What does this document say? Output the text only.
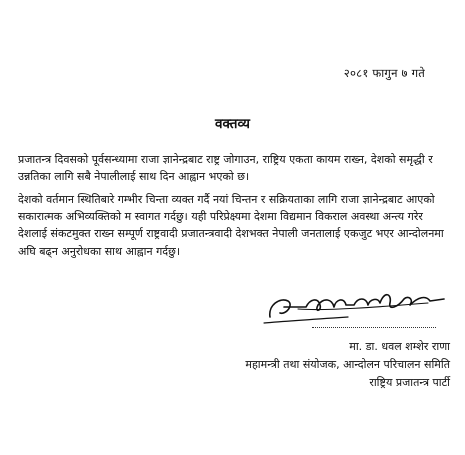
२०८१ फागुन ७ गते
वक्तव्य

प्रजातन्त्र दिवसको पूर्वसन्ध्यामा राजा ज्ञानेन्द्रबाट राष्ट्र जोगाउन, राष्ट्रिय एकता कायम राख्न, देशको समृद्धी र उन्नतिका लागि सबै नेपालीलाई साथ दिन आह्वान भएको छ।

देशको वर्तमान स्थितिबारे गम्भीर चिन्ता व्यक्त गर्दै नयां चिन्तन र सक्रियताका लागि राजा ज्ञानेन्द्रबाट आएको सकारात्मक अभिव्यक्तिको म स्वागत गर्दछु। यही परिप्रेक्ष्यमा देशमा विद्यमान विकराल अवस्था अन्त्य गरेर देशलाई संकटमुक्त राख्न सम्पूर्ण राष्ट्रवादी प्रजातन्त्रवादी देशभक्त नेपाली जनतालाई एकजुट भएर आन्दोलनमा अघि बढ्न अनुरोधका साथ आह्वान गर्दछु।

मा. डा. धवल शम्शेर राणा

महामन्त्री तथा संयोजक, आन्दोलन परिचालन समिति

राष्ट्रिय प्रजातन्त्र पार्टी
